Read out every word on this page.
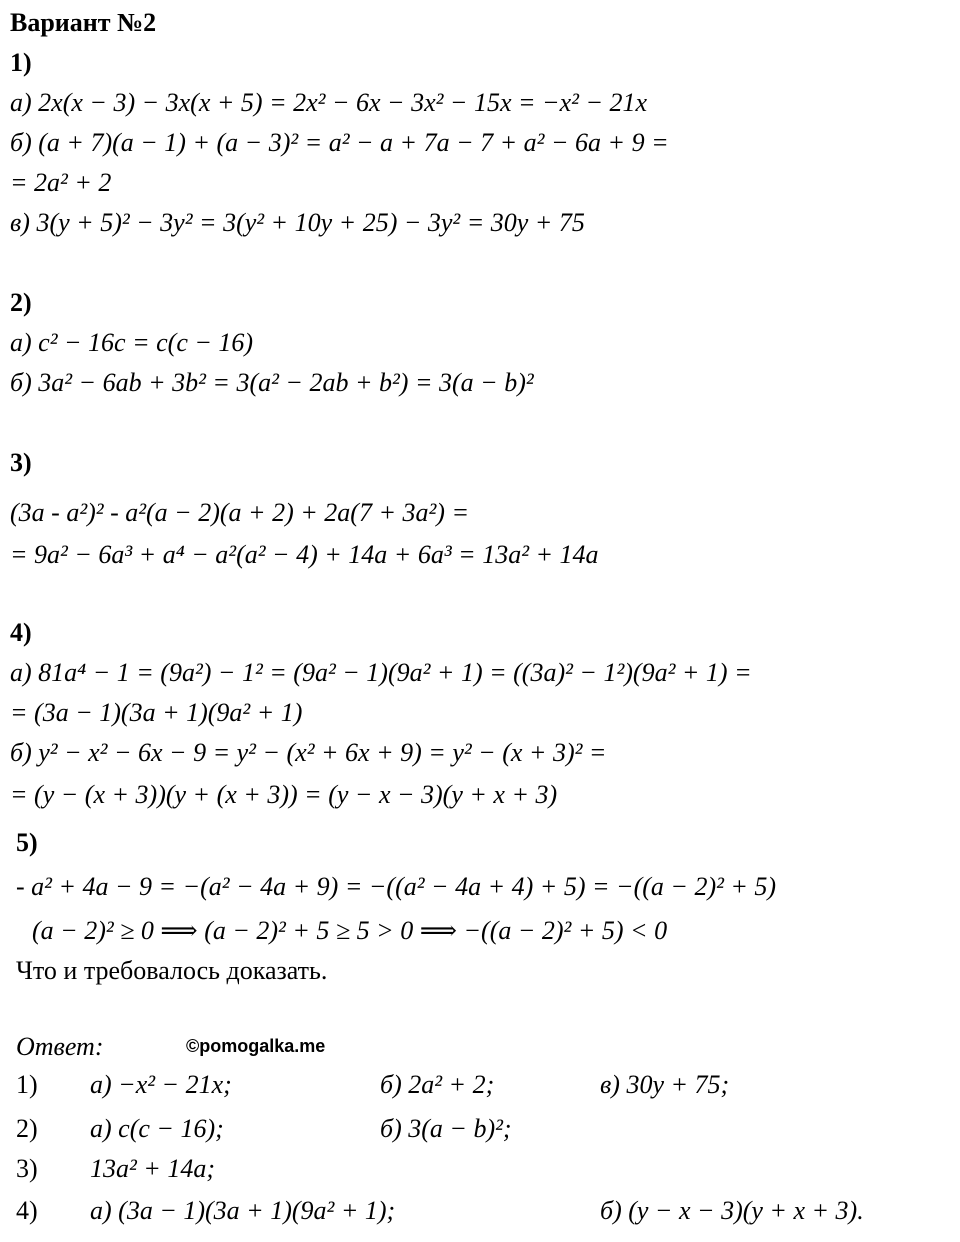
Вариант №2
1)
а) 2x(x − 3) − 3x(x + 5) = 2x² − 6x − 3x² − 15x = −x² − 21x
б) (a + 7)(a − 1) + (a − 3)² = a² − a + 7a − 7 + a² − 6a + 9 =
= 2a² + 2
в) 3(y + 5)² − 3y² = 3(y² + 10y + 25) − 3y² = 30y + 75
2)
а) c² − 16c = c(c − 16)
б) 3a² − 6ab + 3b² = 3(a² − 2ab + b²) = 3(a − b)²
3)
(3a - a²)² - a²(a − 2)(a + 2) + 2a(7 + 3a²) =
= 9a² − 6a³ + a⁴ − a²(a² − 4) + 14a + 6a³ = 13a² + 14a
4)
а) 81a⁴ − 1 = (9a²) − 1² = (9a² − 1)(9a² + 1) = ((3a)² − 1²)(9a² + 1) =
= (3a − 1)(3a + 1)(9a² + 1)
б) y² − x² − 6x − 9 = y² − (x² + 6x + 9) = y² − (x + 3)² =
= (y − (x + 3))(y + (x + 3)) = (y − x − 3)(y + x + 3)
5)
- a² + 4a − 9 = −(a² − 4a + 9) = −((a² − 4a + 4) + 5) = −((a − 2)² + 5)
(a − 2)² ≥ 0 ⟹ (a − 2)² + 5 ≥ 5 > 0 ⟹ −((a − 2)² + 5) < 0
Что и требовалось доказать.
Ответ:	©pomogalka.me
1) а) −x² − 21x;	б) 2a² + 2;	в) 30y + 75;
2) а) c(c − 16);	б) 3(a − b)²;
3) 13a² + 14a;
4) а) (3a − 1)(3a + 1)(9a² + 1);	б) (y − x − 3)(y + x + 3).
